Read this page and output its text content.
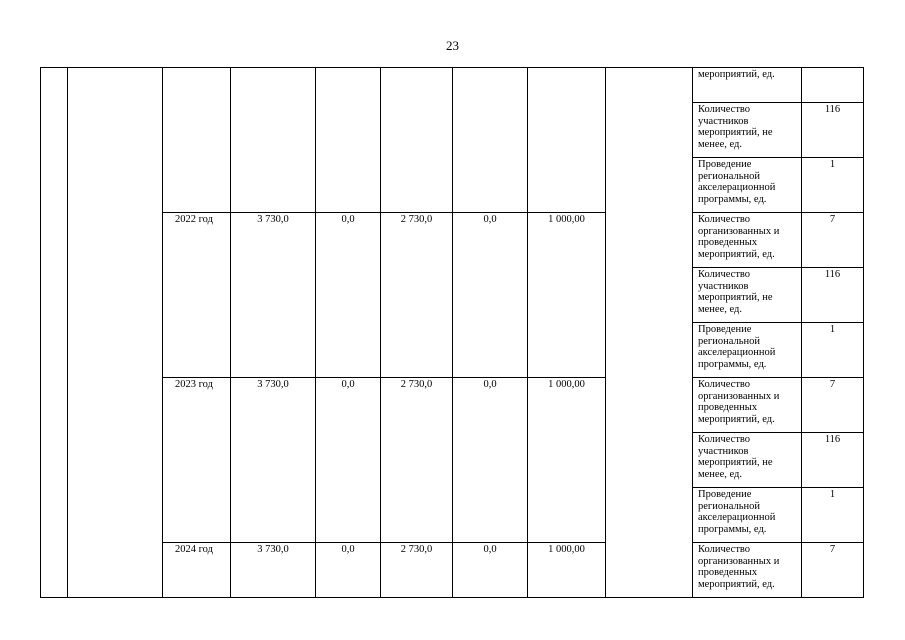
23
									мероприятий, ед.	
									Количество участников мероприятий, не менее, ед.	116
									Проведение региональной акселерационной программы, ед.	1
		2022 год	3 730,0	0,0	2 730,0	0,0	1 000,00		Количество организованных и проведенных мероприятий, ед.	7
									Количество участников мероприятий, не менее, ед.	116
									Проведение региональной акселерационной программы, ед.	1
		2023 год	3 730,0	0,0	2 730,0	0,0	1 000,00		Количество организованных и проведенных мероприятий, ед.	7
									Количество участников мероприятий, не менее, ед.	116
									Проведение региональной акселерационной программы, ед.	1
		2024 год	3 730,0	0,0	2 730,0	0,0	1 000,00		Количество организованных и проведенных мероприятий, ед.	7
